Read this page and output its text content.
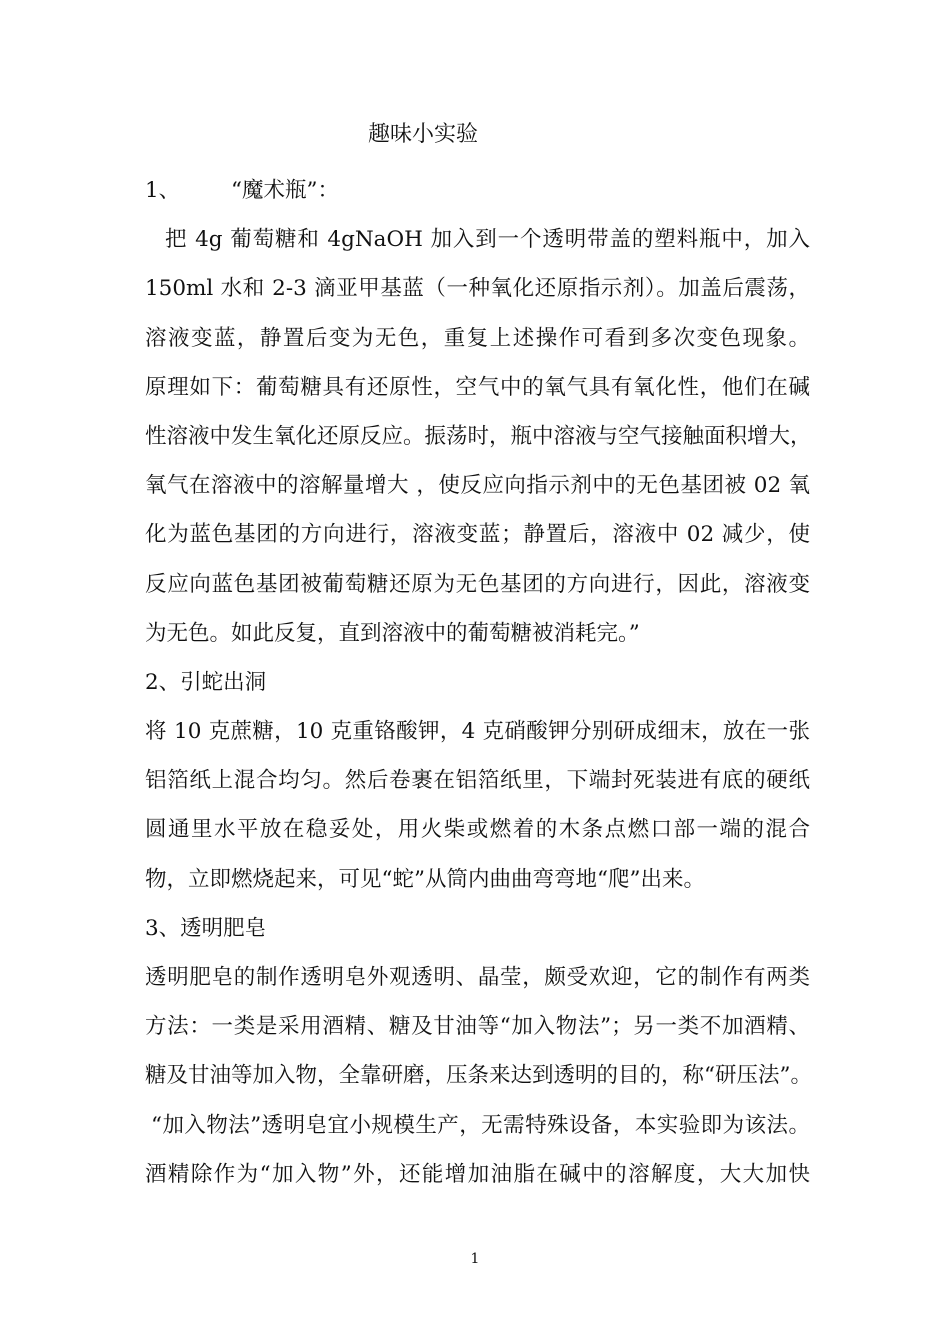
趣味小实验
1、 “魔术瓶”：
把 4g 葡萄糖和 4gNaOH 加入到一个透明带盖的塑料瓶中，加入
150ml 水和 2-3 滴亚甲基蓝（一种氧化还原指示剂）。加盖后震荡，
溶液变蓝，静置后变为无色，重复上述操作可看到多次变色现象。
原理如下：葡萄糖具有还原性，空气中的氧气具有氧化性，他们在碱
性溶液中发生氧化还原反应。振荡时，瓶中溶液与空气接触面积增大，
氧气在溶液中的溶解量增大 ，使反应向指示剂中的无色基团被 02 氧
化为蓝色基团的方向进行，溶液变蓝；静置后，溶液中 02 减少，使
反应向蓝色基团被葡萄糖还原为无色基团的方向进行，因此，溶液变
为无色。如此反复，直到溶液中的葡萄糖被消耗完。”
2、引蛇出洞
将 10 克蔗糖，10 克重铬酸钾，4 克硝酸钾分别研成细末，放在一张
铝箔纸上混合均匀。然后卷裹在铝箔纸里，下端封死装进有底的硬纸
圆通里水平放在稳妥处，用火柴或燃着的木条点燃口部一端的混合
物，立即燃烧起来，可见“蛇”从筒内曲曲弯弯地“爬”出来。
3、透明肥皂
透明肥皂的制作透明皂外观透明、晶莹，颇受欢迎，它的制作有两类
方法：一类是采用酒精、糖及甘油等“加入物法”；另一类不加酒精、
糖及甘油等加入物，全靠研磨，压条来达到透明的目的，称“研压法”。
“加入物法”透明皂宜小规模生产，无需特殊设备，本实验即为该法。
酒精除作为“加入物”外，还能增加油脂在碱中的溶解度，大大加快
1
